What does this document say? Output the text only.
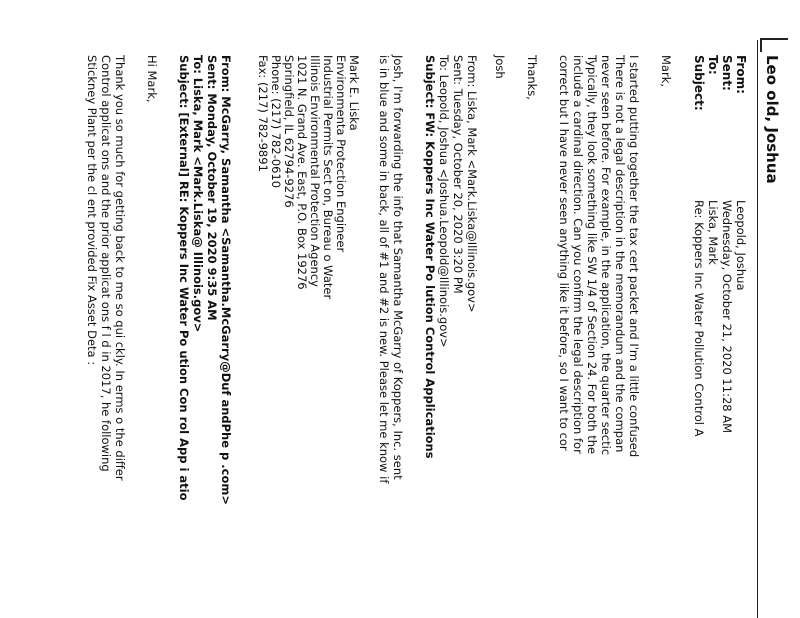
Leo old, Joshua
From:
Sent:
To:
Subject:
Leopold, Joshua
Wednesday, October 21, 2020 11:28 AM
Liska, Mark
Re: Koppers Inc Water Pollution Control A
Mark,
I started putting together the tax cert packet and I'm a little confused
There is not a legal description in the memorandum and the compan
never seen before. For example, in the application, the quarter sectic
Typically, they look something like SW 1/4 of Section 24. For both the
include a cardinal direction. Can you confirm the legal description for
correct but I have never seen anything like it before, so I want to cor
Thanks,
Josh
From: Liska, Mark <Mark.Liska@Illinois.gov>
Sent: Tuesday, October 20, 2020 3:20 PM
To: Leopold, Joshua <Joshua.Leopold@Illinois.gov>
Subject: FW: Koppers Inc Water Po lution Control Applications
Josh, I'm forwarding the info that Samantha McGarry of Koppers, Inc. sent
is in blue and some in back, all of #1 and #2 is new. Please let me know if
Mark E. Liska
Environmenta Protection Engineer
Industrial Permits Sect on, Bureau o Water
Illinois Environmental Protection Agency
1021 N. Grand Ave. East, P.O. Box 19276
Springfield, IL 62794-9276
Phone: (217) 782-0610
Fax: (217) 782-9891
From: McGarry, Samantha <Samantha.McGarry@Duf andPhe p .com>
Sent: Monday, October 19, 2020 9:35 AM
To: Liska, Mark <Mark.Liska@ Illinois.gov>
Subject: [External] RE: Koppers Inc Water Po ution Con rol App i atio
Hi Mark,
Thank you so much for getting back to me so qui ckly. In erms o the differ
Control applicat ons and the prior applicat ons f l d in 2017, he following
Stickney Plant per the cl ent provided Fix Asset Deta :
